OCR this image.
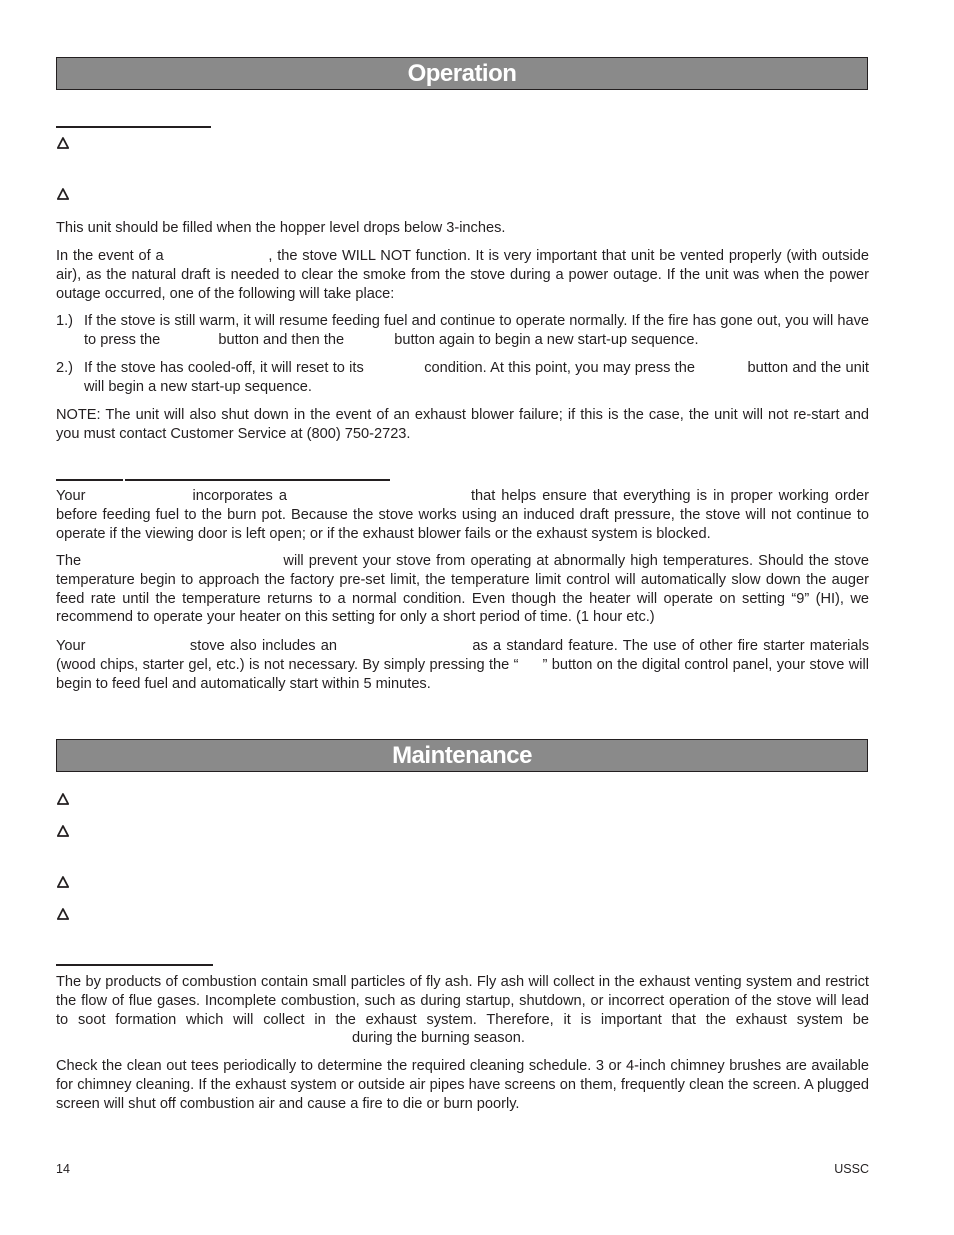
Operation

This unit should be filled when the hopper level drops below 3-inches.

In the event of a	, the stove WILL NOT function. It is very important that unit be vented properly (with outside air), as the natural draft is needed to clear the smoke from the stove during a power outage. If the unit was when the power outage occurred, one of the following will take place:

1.) If the stove is still warm, it will resume feeding fuel and continue to operate normally. If the fire has gone out, you will have to press the	button and then the	button again to begin a new start-up sequence.
2.) If the stove has cooled-off, it will reset to its	condition. At this point, you may press the	button and the unit will begin a new start-up sequence.

NOTE: The unit will also shut down in the event of an exhaust blower failure; if this is the case, the unit will not re-start and you must contact Customer Service at (800) 750-2723.

Your	incorporates a	that helps ensure that everything is in proper working order before feeding fuel to the burn pot. Because the stove works using an induced draft pressure, the stove will not continue to operate if the viewing door is left open; or if the exhaust blower fails or the exhaust system is blocked.

The	will prevent your stove from operating at abnormally high temperatures. Should the stove temperature begin to approach the factory pre-set limit, the temperature limit control will automatically slow down the auger feed rate until the temperature returns to a normal condition. Even though the heater will operate on setting “9” (HI), we recommend to operate your heater on this setting for only a short period of time. (1 hour etc.)

Your	stove also includes an	as a standard feature. The use of other fire starter materials (wood chips, starter gel, etc.) is not necessary. By simply pressing the “ ” button on the digital control panel, your stove will begin to feed fuel and automatically start within 5 minutes.

Maintenance

The by products of combustion contain small particles of fly ash. Fly ash will collect in the exhaust venting system and restrict the flow of flue gases. Incomplete combustion, such as during startup, shutdown, or incorrect operation of the stove will lead to soot formation which will collect in the exhaust system. Therefore, it is important that the exhaust system be  during the burning season.

Check the clean out tees periodically to determine the required cleaning schedule. 3 or 4-inch chimney brushes are available for chimney cleaning. If the exhaust system or outside air pipes have screens on them, frequently clean the screen. A plugged screen will shut off combustion air and cause a fire to die or burn poorly.

14	USSC
